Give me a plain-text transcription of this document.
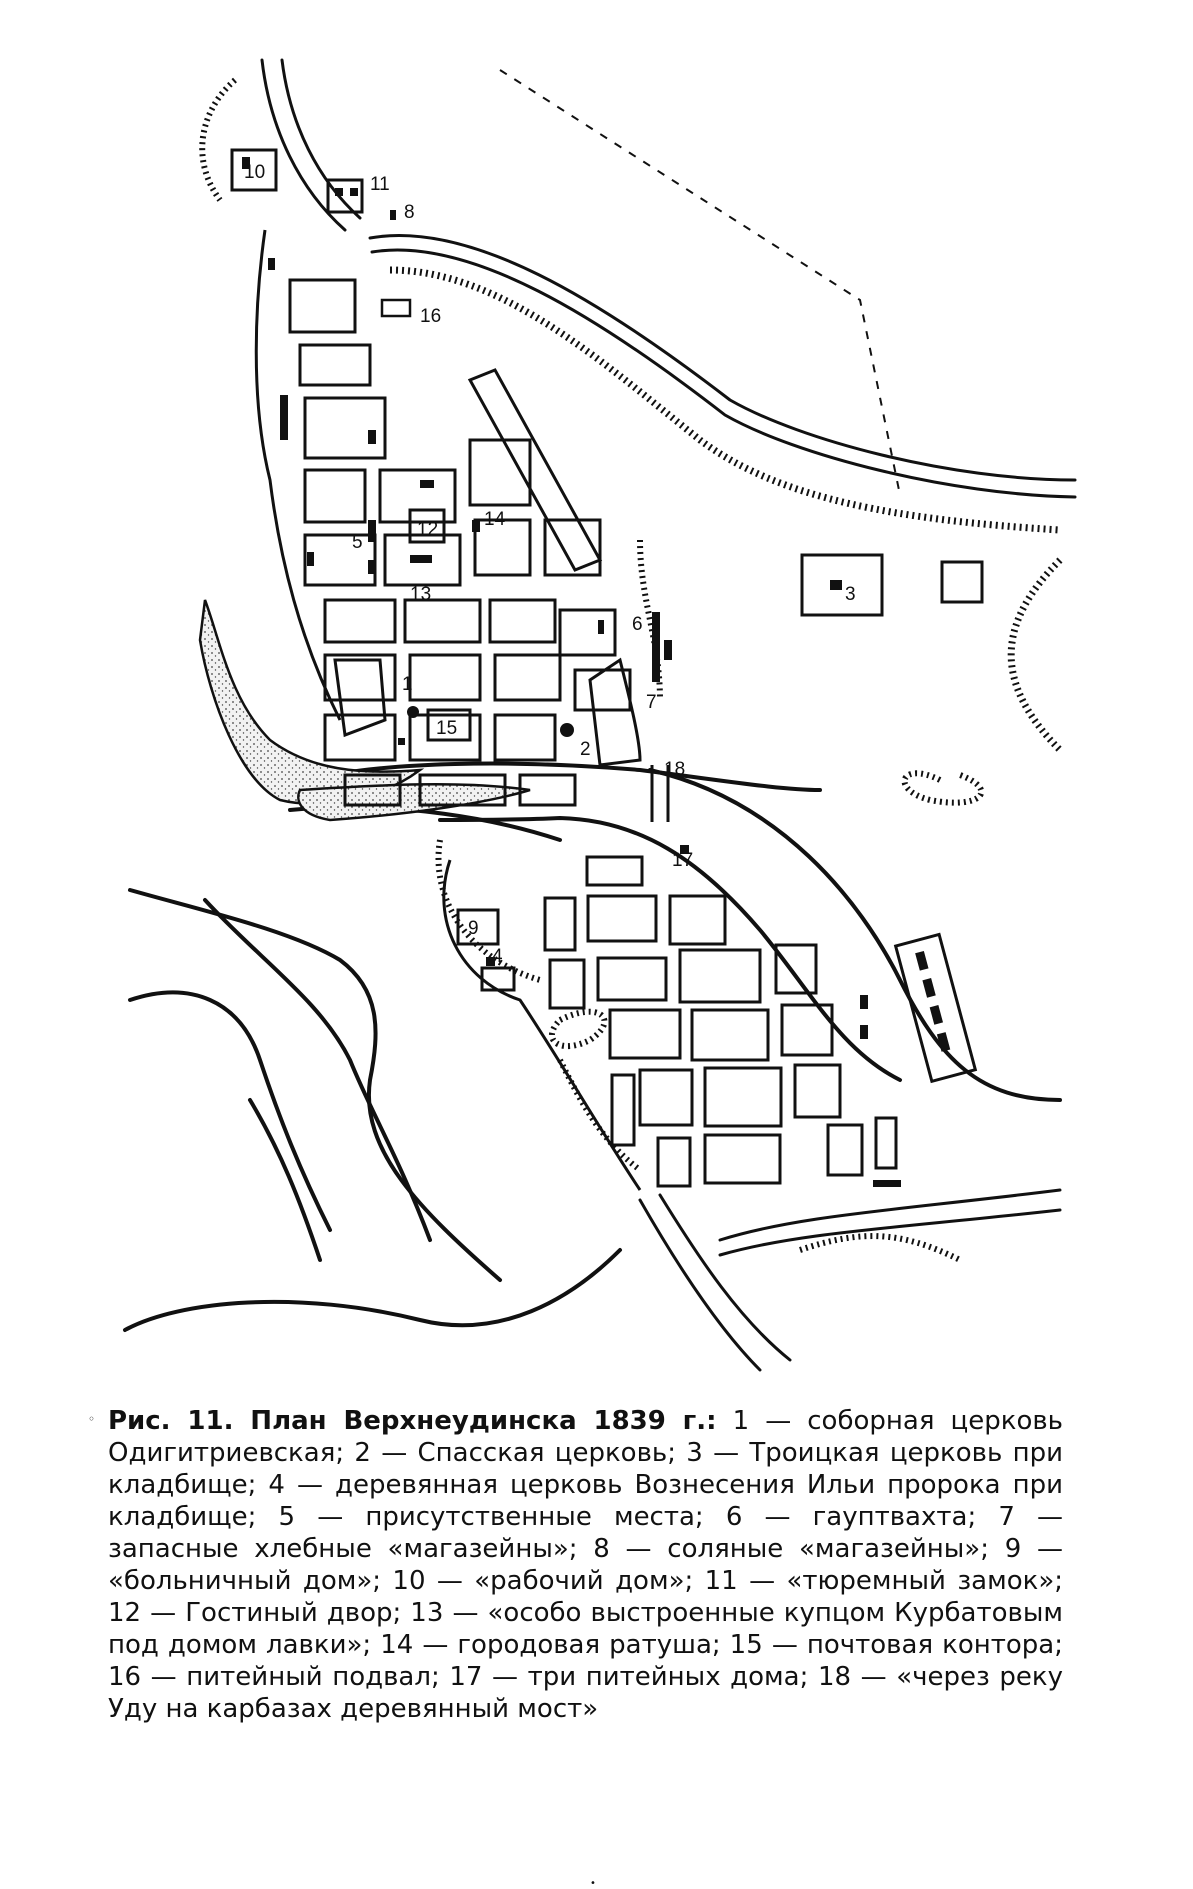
1
2
3
4
5
6
7
8
9
10
11
12
13
14
15
16
17
18
◦ Рис. 11. План Верхнеудинска 1839 г.: 1 — соборная церковь Одигитриевская; 2 — Спасская церковь; 3 — Троицкая церковь при кладбище; 4 — деревянная церковь Вознесения Ильи пророка при кладбище; 5 — присутственные места; 6 — гауптвахта; 7 — запасные хлебные «магазейны»; 8 — соляные «магазейны»; 9 — «больничный дом»; 10 — «рабочий дом»; 11 — «тюремный замок»; 12 — Гостиный двор; 13 — «особо выстроенные купцом Курбатовым под домом лавки»; 14 — городовая ратуша; 15 — почтовая контора; 16 — питейный подвал; 17 — три питейных дома; 18 — «через реку Уду на карбазах деревянный мост»

•
